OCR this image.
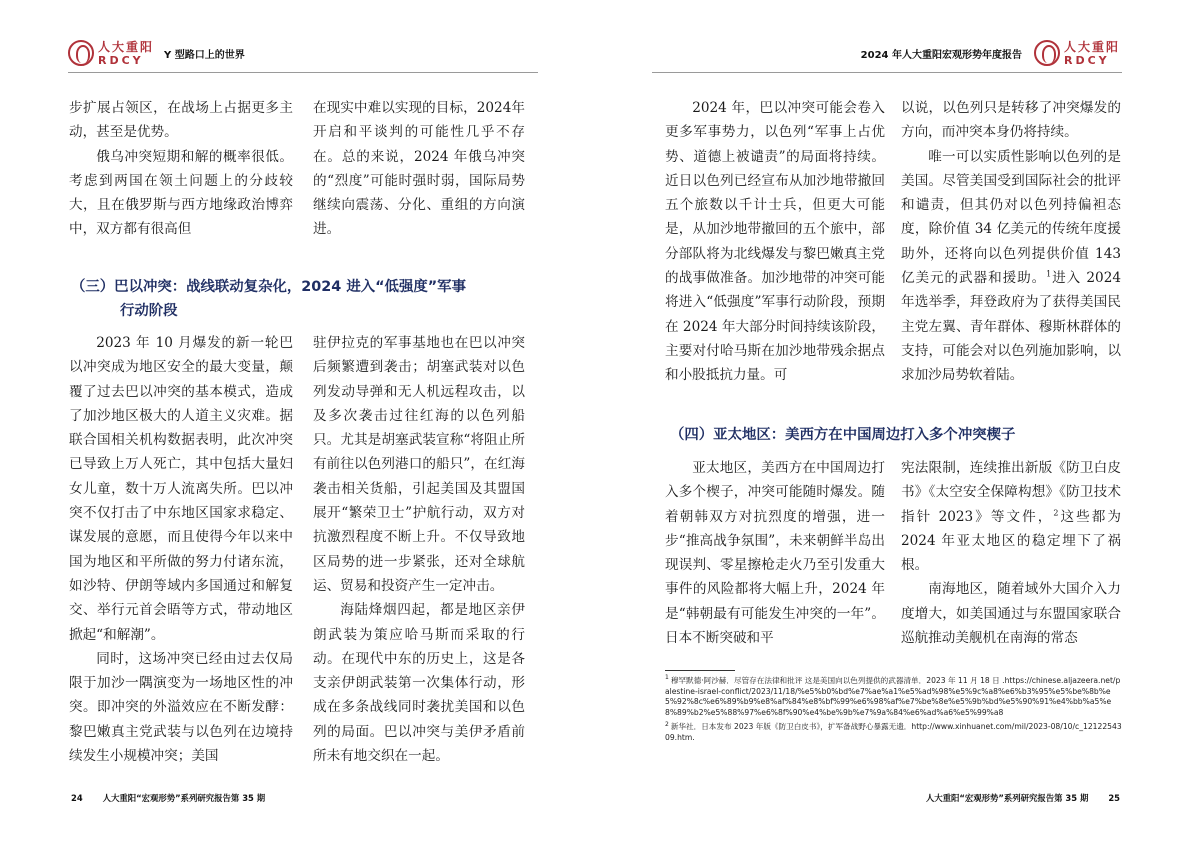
人大重阳
RDCY	Y 型路口上的世界	2024 年人大重阳宏观形势年度报告
人大重阳
RDCY

步扩展占领区，在战场上占据更多主动，甚至是优势。

俄乌冲突短期和解的概率很低。考虑到两国在领土问题上的分歧较大，且在俄罗斯与西方地缘政治博弈中，双方都有很高但

在现实中难以实现的目标，2024年开启和平谈判的可能性几乎不存在。总的来说，2024 年俄乌冲突的“烈度”可能时强时弱，国际局势继续向震荡、分化、重组的方向演进。

（三）巴以冲突：战线联动复杂化，2024 进入“低强度”军事
行动阶段

2023 年 10 月爆发的新一轮巴以冲突成为地区安全的最大变量，颠覆了过去巴以冲突的基本模式，造成了加沙地区极大的人道主义灾难。据联合国相关机构数据表明，此次冲突已导致上万人死亡，其中包括大量妇女儿童，数十万人流离失所。巴以冲突不仅打击了中东地区国家求稳定、谋发展的意愿，而且使得今年以来中国为地区和平所做的努力付诸东流，如沙特、伊朗等域内多国通过和解复交、举行元首会晤等方式，带动地区掀起“和解潮”。

同时，这场冲突已经由过去仅局限于加沙一隅演变为一场地区性的冲突。即冲突的外溢效应在不断发酵：黎巴嫩真主党武装与以色列在边境持续发生小规模冲突；美国

驻伊拉克的军事基地也在巴以冲突后频繁遭到袭击；胡塞武装对以色列发动导弹和无人机远程攻击，以及多次袭击过往红海的以色列船只。尤其是胡塞武装宣称“将阻止所有前往以色列港口的船只”，在红海袭击相关货船，引起美国及其盟国展开“繁荣卫士”护航行动，双方对抗激烈程度不断上升。不仅导致地区局势的进一步紧张，还对全球航运、贸易和投资产生一定冲击。

海陆烽烟四起，都是地区亲伊朗武装为策应哈马斯而采取的行动。在现代中东的历史上，这是各支亲伊朗武装第一次集体行动，形成在多条战线同时袭扰美国和以色列的局面。巴以冲突与美伊矛盾前所未有地交织在一起。

2024 年，巴以冲突可能会卷入更多军事势力，以色列“军事上占优势、道德上被谴责”的局面将持续。近日以色列已经宣布从加沙地带撤回五个旅数以千计士兵，但更大可能是，从加沙地带撤回的五个旅中，部分部队将为北线爆发与黎巴嫩真主党的战事做准备。加沙地带的冲突可能将进入“低强度”军事行动阶段，预期在 2024 年大部分时间持续该阶段，主要对付哈马斯在加沙地带残余据点和小股抵抗力量。可

以说，以色列只是转移了冲突爆发的方向，而冲突本身仍将持续。

唯一可以实质性影响以色列的是美国。尽管美国受到国际社会的批评和谴责，但其仍对以色列持偏袒态度，除价值 34 亿美元的传统年度援助外，还将向以色列提供价值 143 亿美元的武器和援助。$^1$进入 2024 年选举季，拜登政府为了获得美国民主党左翼、青年群体、穆斯林群体的支持，可能会对以色列施加影响，以求加沙局势软着陆。

（四）亚太地区：美西方在中国周边打入多个冲突楔子

亚太地区，美西方在中国周边打入多个楔子，冲突可能随时爆发。随着朝韩双方对抗烈度的增强，进一步“推高战争氛围”，未来朝鲜半岛出现误判、零星擦枪走火乃至引发重大事件的风险都将大幅上升，2024 年是“韩朝最有可能发生冲突的一年”。日本不断突破和平

宪法限制，连续推出新版《防卫白皮书》《太空安全保障构想》《防卫技术指针 2023》等文件，$^2$这些都为 2024 年亚太地区的稳定埋下了祸根。

南海地区，随着域外大国介入力度增大，如美国通过与东盟国家联合巡航推动美舰机在南海的常态

$^1$ 穆罕默德·阿沙赫．尽管存在法律和批评 这是美国向以色列提供的武器清单．2023 年 11 月 18 日 .https://chinese.aljazeera.net/palestine-israel-conflict/2023/11/18/%e5%b0%bd%e7%ae%a1%e5%ad%98%e5%9c%a8%e6%b3%95%e5%be%8b%e5%92%8c%e6%89%b9%e8%af%84%e8%bf%99%e6%98%af%e7%be%8e%e5%9b%bd%e5%90%91%e4%bb%a5%e8%89%b2%e5%88%97%e6%8f%90%e4%be%9b%e7%9a%84%e6%ad%a6%e5%99%a8
$^2$ 新华社．日本发布 2023 年版《防卫白皮书》，扩军备战野心暴露无遗．http://www.xinhuanet.com/mil/2023-08/10/c_1212254309.htm.
24 人大重阳“宏观形势”系列研究报告第 35 期	人大重阳“宏观形势”系列研究报告第 35 期 25
